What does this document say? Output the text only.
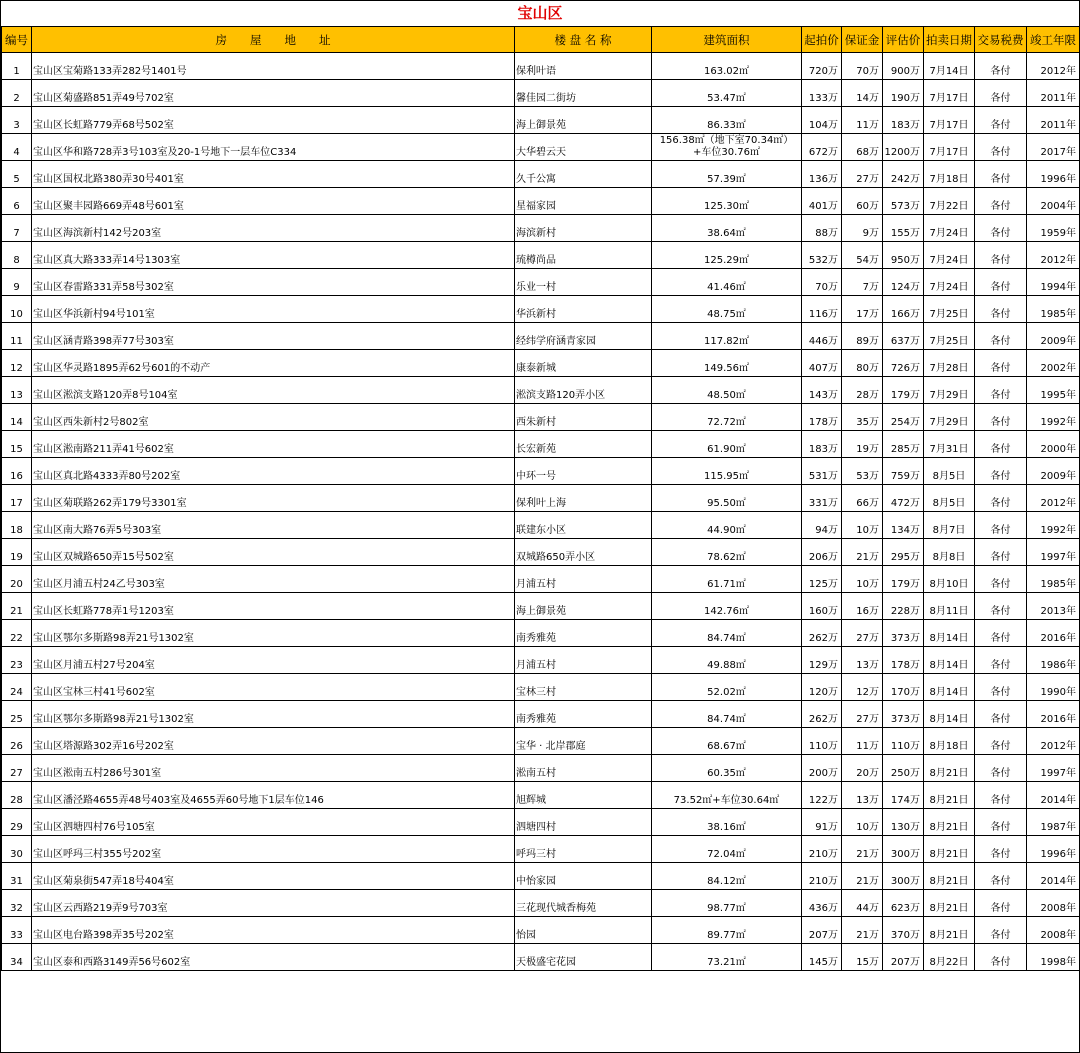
宝山区
编号	房　　屋　　地　　址	楼 盘 名 称	建筑面积	起拍价	保证金	评估价	拍卖日期	交易税费	竣工年限
1	宝山区宝菊路133弄282号1401号	保利叶语	163.02㎡	720万	70万	900万	7月14日	各付	2012年
2	宝山区菊盛路851弄49号702室	馨佳园二街坊	53.47㎡	133万	14万	190万	7月17日	各付	2011年
3	宝山区长虹路779弄68号502室	海上御景苑	86.33㎡	104万	11万	183万	7月17日	各付	2011年
4	宝山区华和路728弄3号103室及20-1号地下一层车位C334	大华碧云天	156.38㎡（地下室70.34㎡）+车位30.76㎡	672万	68万	1200万	7月17日	各付	2017年
5	宝山区国权北路380弄30号401室	久千公寓	57.39㎡	136万	27万	242万	7月18日	各付	1996年
6	宝山区聚丰园路669弄48号601室	星福家园	125.30㎡	401万	60万	573万	7月22日	各付	2004年
7	宝山区海滨新村142号203室	海滨新村	38.64㎡	88万	9万	155万	7月24日	各付	1959年
8	宝山区真大路333弄14号1303室	琉樽尚品	125.29㎡	532万	54万	950万	7月24日	各付	2012年
9	宝山区春雷路331弄58号302室	乐业一村	41.46㎡	70万	7万	124万	7月24日	各付	1994年
10	宝山区华浜新村94号101室	华浜新村	48.75㎡	116万	17万	166万	7月25日	各付	1985年
11	宝山区涵青路398弄77号303室	经纬学府涵青家园	117.82㎡	446万	89万	637万	7月25日	各付	2009年
12	宝山区华灵路1895弄62号601的不动产	康泰新城	149.56㎡	407万	80万	726万	7月28日	各付	2002年
13	宝山区淞滨支路120弄8号104室	淞滨支路120弄小区	48.50㎡	143万	28万	179万	7月29日	各付	1995年
14	宝山区西朱新村2号802室	西朱新村	72.72㎡	178万	35万	254万	7月29日	各付	1992年
15	宝山区淞南路211弄41号602室	长宏新苑	61.90㎡	183万	19万	285万	7月31日	各付	2000年
16	宝山区真北路4333弄80号202室	中环一号	115.95㎡	531万	53万	759万	8月5日	各付	2009年
17	宝山区菊联路262弄179号3301室	保利叶上海	95.50㎡	331万	66万	472万	8月5日	各付	2012年
18	宝山区南大路76弄5号303室	联建东小区	44.90㎡	94万	10万	134万	8月7日	各付	1992年
19	宝山区双城路650弄15号502室	双城路650弄小区	78.62㎡	206万	21万	295万	8月8日	各付	1997年
20	宝山区月浦五村24乙号303室	月浦五村	61.71㎡	125万	10万	179万	8月10日	各付	1985年
21	宝山区长虹路778弄1号1203室	海上御景苑	142.76㎡	160万	16万	228万	8月11日	各付	2013年
22	宝山区鄂尔多斯路98弄21号1302室	南秀雅苑	84.74㎡	262万	27万	373万	8月14日	各付	2016年
23	宝山区月浦五村27号204室	月浦五村	49.88㎡	129万	13万	178万	8月14日	各付	1986年
24	宝山区宝林三村41号602室	宝林三村	52.02㎡	120万	12万	170万	8月14日	各付	1990年
25	宝山区鄂尔多斯路98弄21号1302室	南秀雅苑	84.74㎡	262万	27万	373万	8月14日	各付	2016年
26	宝山区塔源路302弄16号202室	宝华 · 北岸郡庭	68.67㎡	110万	11万	110万	8月18日	各付	2012年
27	宝山区淞南五村286号301室	淞南五村	60.35㎡	200万	20万	250万	8月21日	各付	1997年
28	宝山区潘泾路4655弄48号403室及4655弄60号地下1层车位146	旭辉城	73.52㎡+车位30.64㎡	122万	13万	174万	8月21日	各付	2014年
29	宝山区泗塘四村76号105室	泗塘四村	38.16㎡	91万	10万	130万	8月21日	各付	1987年
30	宝山区呼玛三村355号202室	呼玛三村	72.04㎡	210万	21万	300万	8月21日	各付	1996年
31	宝山区菊泉街547弄18号404室	中怡家园	84.12㎡	210万	21万	300万	8月21日	各付	2014年
32	宝山区云西路219弄9号703室	三花现代城香梅苑	98.77㎡	436万	44万	623万	8月21日	各付	2008年
33	宝山区电台路398弄35号202室	怡园	89.77㎡	207万	21万	370万	8月21日	各付	2008年
34	宝山区泰和西路3149弄56号602室	天极盛宅花园	73.21㎡	145万	15万	207万	8月22日	各付	1998年
